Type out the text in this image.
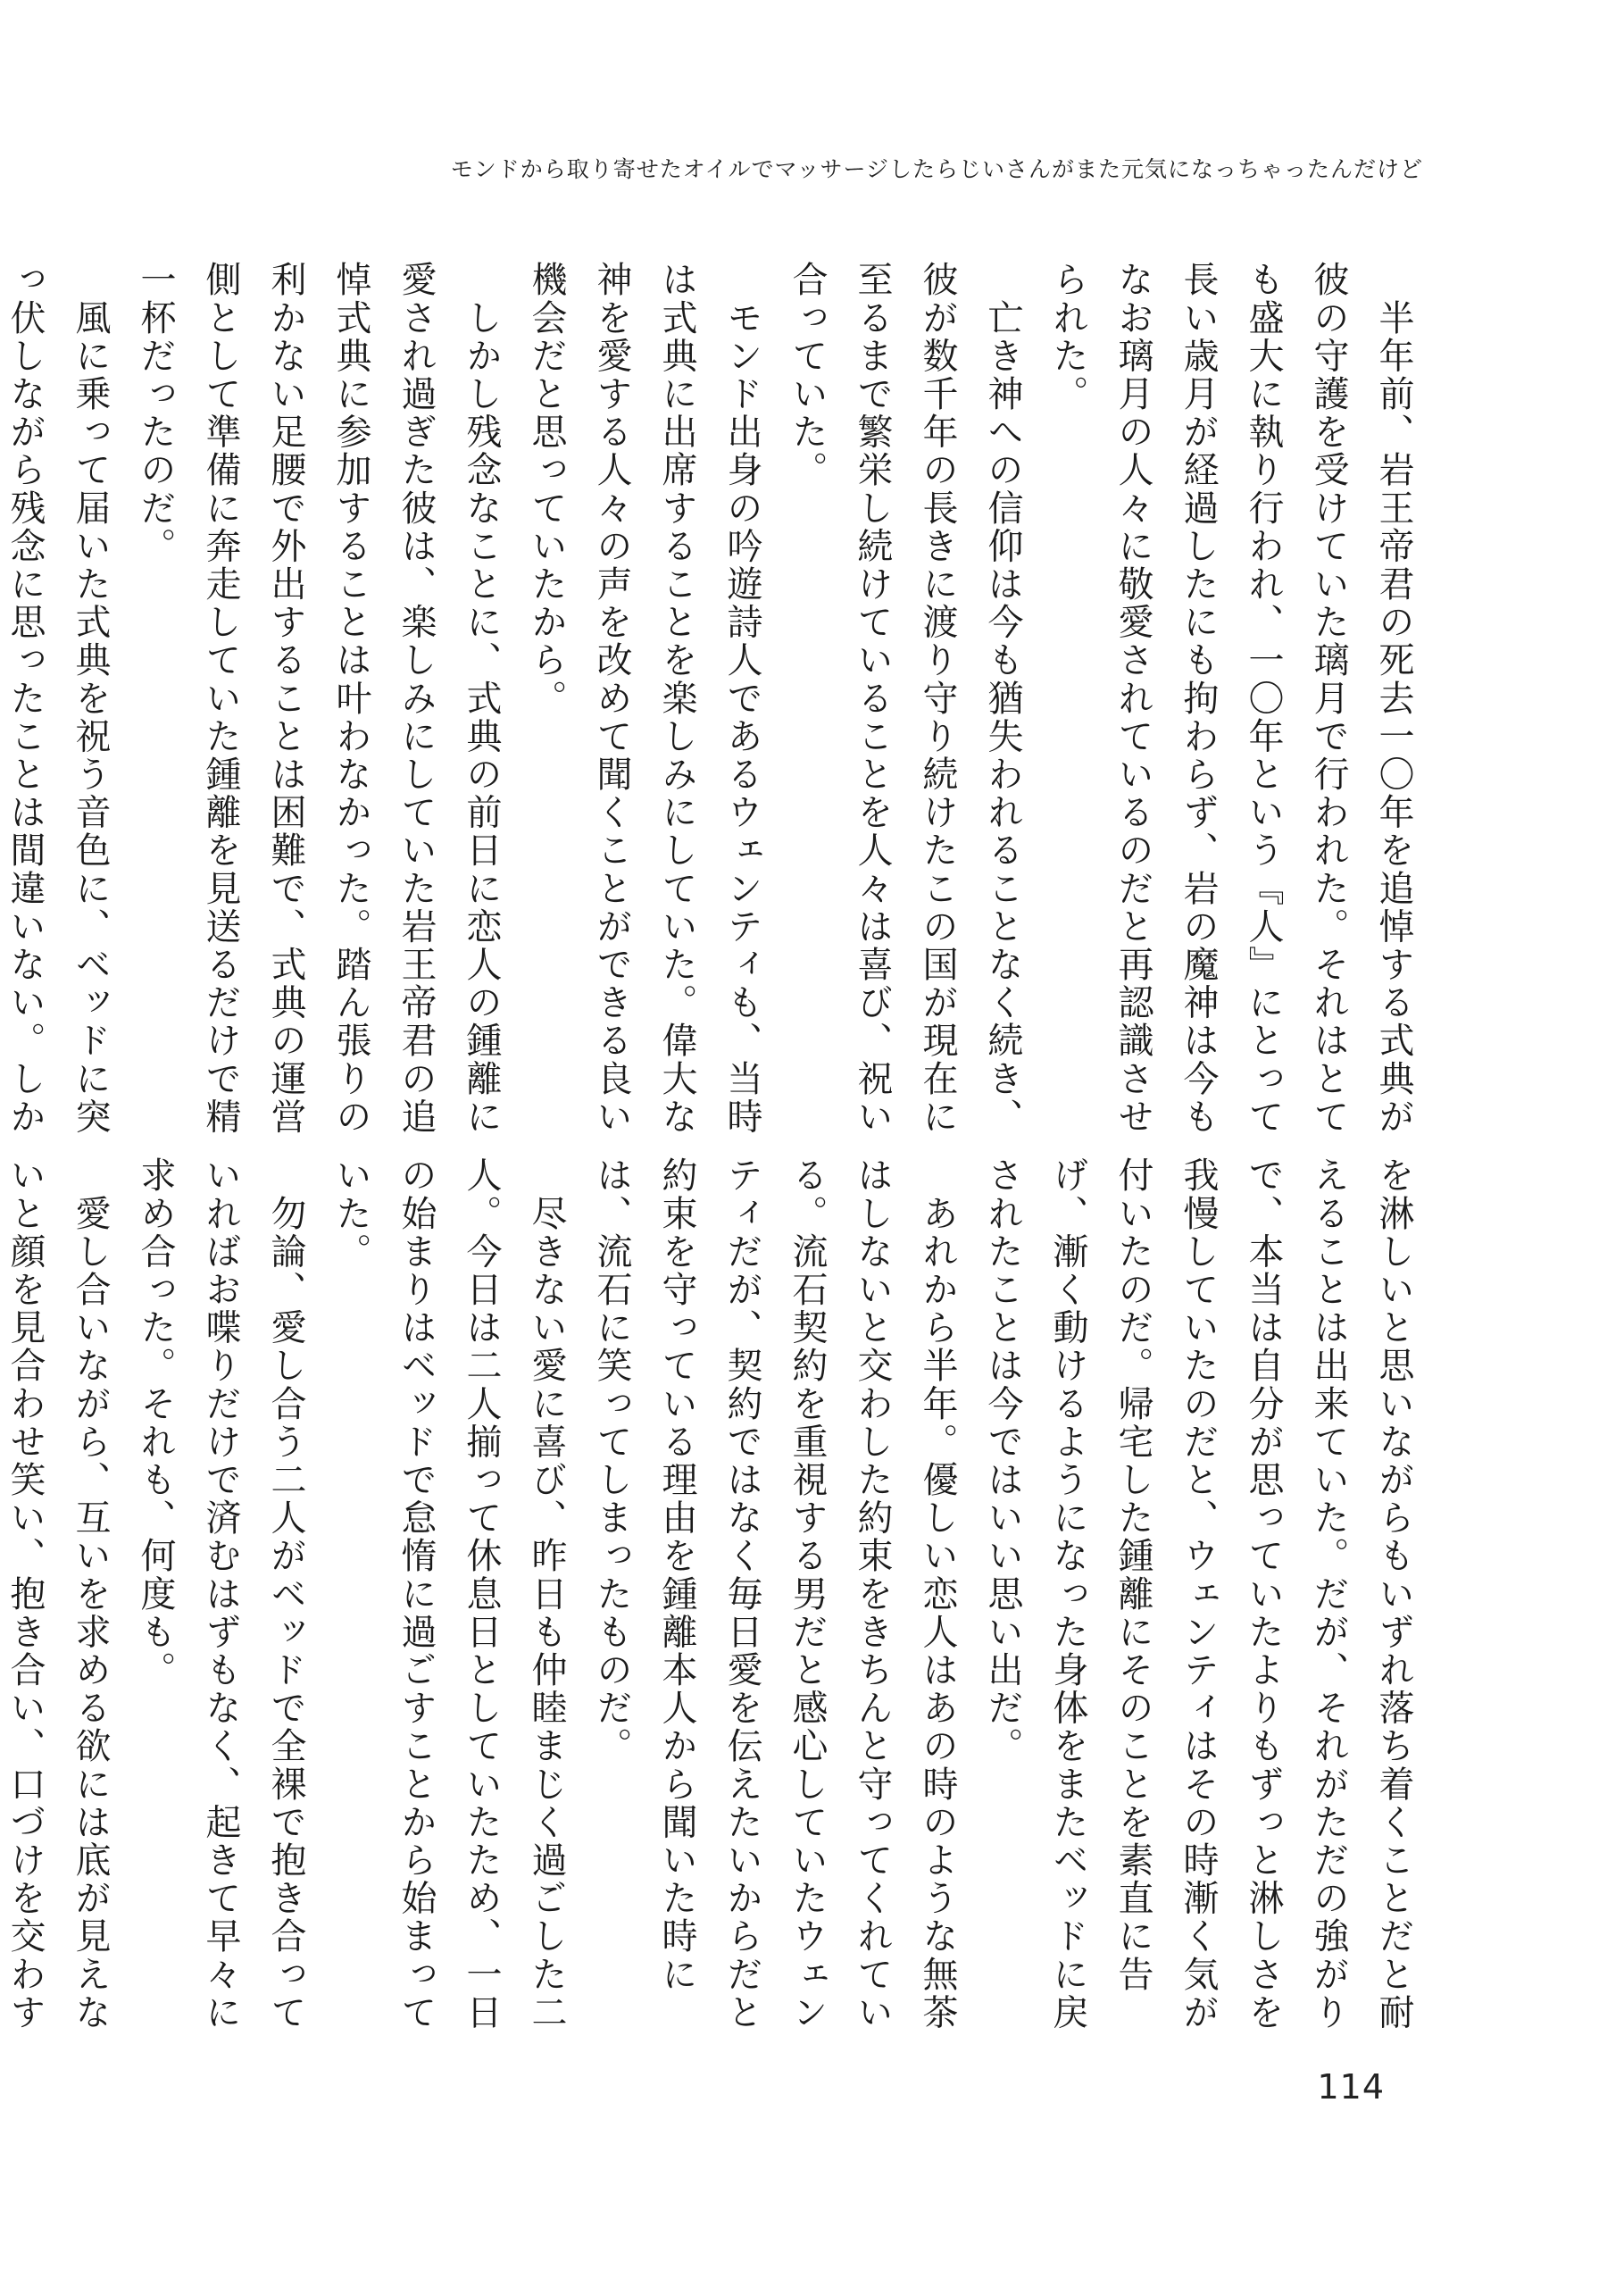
モンドから取り寄せたオイルでマッサージしたらじいさんがまた元気になっちゃったんだけど

　半年前、岩王帝君の死去一〇年を追悼する式典が彼の守護を受けていた璃月で行われた。それはとても盛大に執り行われ、一〇年という『人』にとって長い歳月が経過したにも拘わらず、岩の魔神は今もなお璃月の人々に敬愛されているのだと再認識させられた。

　亡き神への信仰は今も猶失われることなく続き、彼が数千年の長きに渡り守り続けたこの国が現在に至るまで繁栄し続けていることを人々は喜び、祝い合っていた。

　モンド出身の吟遊詩人であるウェンティも、当時は式典に出席することを楽しみにしていた。偉大な神を愛する人々の声を改めて聞くことができる良い機会だと思っていたから。

　しかし残念なことに、式典の前日に恋人の鍾離に愛され過ぎた彼は、楽しみにしていた岩王帝君の追悼式典に参加することは叶わなかった。踏ん張りの利かない足腰で外出することは困難で、式典の運営側として準備に奔走していた鍾離を見送るだけで精一杯だったのだ。

　風に乗って届いた式典を祝う音色に、ベッドに突っ伏しながら残念に思ったことは間違いない。しか

を淋しいと思いながらもいずれ落ち着くことだと耐えることは出来ていた。だが、それがただの強がりで、本当は自分が思っていたよりもずっと淋しさを我慢していたのだと、ウェンティはその時漸く気が付いたのだ。帰宅した鍾離にそのことを素直に告げ、漸く動けるようになった身体をまたベッドに戻されたことは今ではいい思い出だ。

　あれから半年。優しい恋人はあの時のような無茶はしないと交わした約束をきちんと守ってくれている。流石契約を重視する男だと感心していたウェンティだが、契約ではなく毎日愛を伝えたいからだと約束を守っている理由を鍾離本人から聞いた時には、流石に笑ってしまったものだ。

　尽きない愛に喜び、昨日も仲睦まじく過ごした二人。今日は二人揃って休息日としていたため、一日の始まりはベッドで怠惰に過ごすことから始まっていた。

　勿論、愛し合う二人がベッドで全裸で抱き合っていればお喋りだけで済むはずもなく、起きて早々に求め合った。それも、何度も。

　愛し合いながら、互いを求める欲には底が見えないと顔を見合わせ笑い、抱き合い、口づけを交わす

114
